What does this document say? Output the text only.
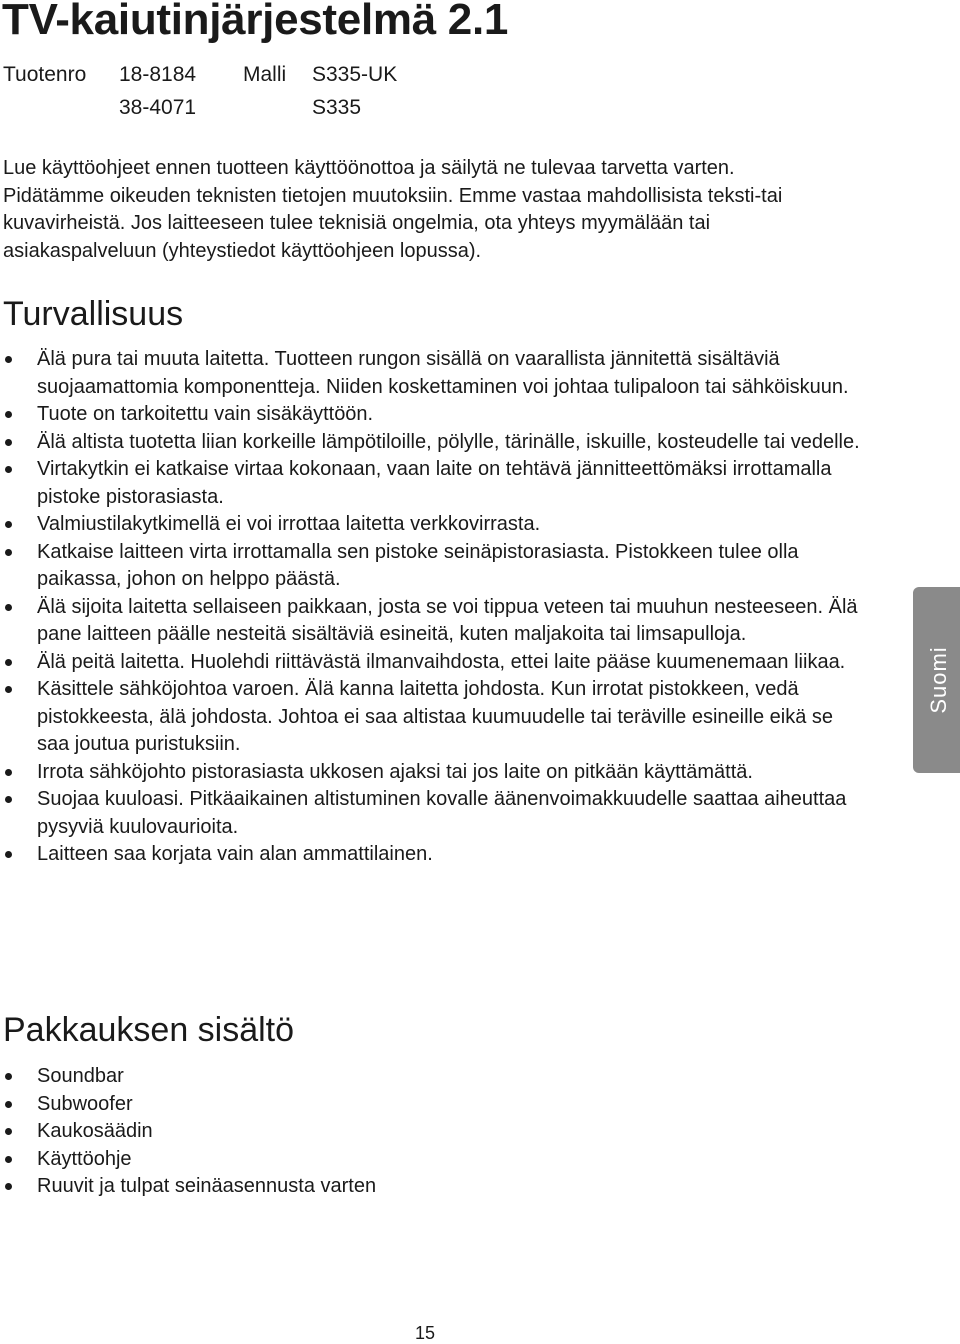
TV-kaiutinjärjestelmä 2.1
Tuotenro 18-8184 Malli S335-UK
38-4071	S335

Lue käyttöohjeet ennen tuotteen käyttöönottoa ja säilytä ne tulevaa tarvetta varten. Pidätämme oikeuden teknisten tietojen muutoksiin. Emme vastaa mahdollisista teksti-tai kuvavirheistä. Jos laitteeseen tulee teknisiä ongelmia, ota yhteys myymälään tai asiakaspalveluun (yhteystiedot käyttöohjeen lopussa).

Turvallisuus
Älä pura tai muuta laitetta. Tuotteen rungon sisällä on vaarallista jännitettä sisältäviä suojaamattomia komponentteja. Niiden koskettaminen voi johtaa tulipaloon tai sähköiskuun.
Tuote on tarkoitettu vain sisäkäyttöön.
Älä altista tuotetta liian korkeille lämpötiloille, pölylle, tärinälle, iskuille, kosteudelle tai vedelle.
Virtakytkin ei katkaise virtaa kokonaan, vaan laite on tehtävä jännitteettömäksi irrottamalla pistoke pistorasiasta.
Valmiustilakytkimellä ei voi irrottaa laitetta verkkovirrasta.
Katkaise laitteen virta irrottamalla sen pistoke seinäpistorasiasta. Pistokkeen tulee olla paikassa, johon on helppo päästä.
Älä sijoita laitetta sellaiseen paikkaan, josta se voi tippua veteen tai muuhun nesteeseen. Älä pane laitteen päälle nesteitä sisältäviä esineitä, kuten maljakoita tai limsapulloja.
Älä peitä laitetta. Huolehdi riittävästä ilmanvaihdosta, ettei laite pääse kuumenemaan liikaa.
Käsittele sähköjohtoa varoen. Älä kanna laitetta johdosta. Kun irrotat pistokkeen, vedä pistokkeesta, älä johdosta. Johtoa ei saa altistaa kuumuudelle tai teräville esineille eikä se saa joutua puristuksiin.
Irrota sähköjohto pistorasiasta ukkosen ajaksi tai jos laite on pitkään käyttämättä.
Suojaa kuuloasi. Pitkäaikainen altistuminen kovalle äänenvoimakkuudelle saattaa aiheuttaa pysyviä kuulovaurioita.
Laitteen saa korjata vain alan ammattilainen.
Pakkauksen sisältö
Soundbar
Subwoofer
Kaukosäädin
Käyttöohje
Ruuvit ja tulpat seinäasennusta varten
Suomi
15
